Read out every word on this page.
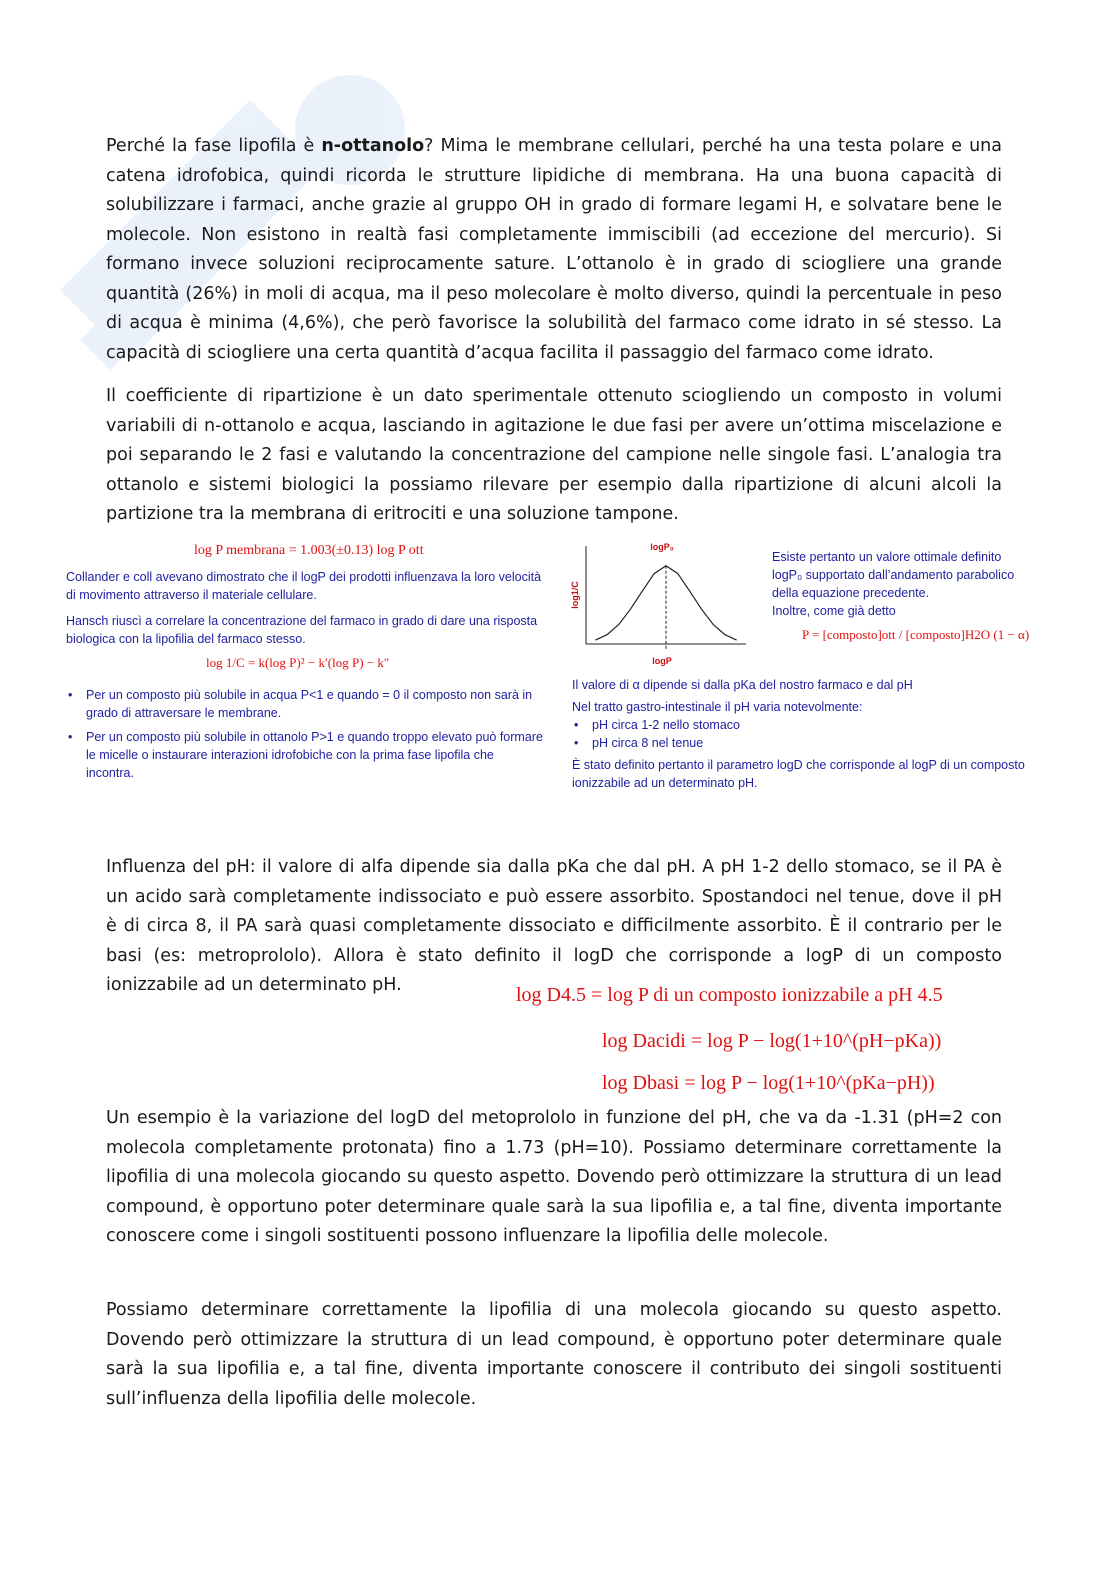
Perché la fase lipofila è n-ottanolo? Mima le membrane cellulari, perché ha una testa polare e una catena idrofobica, quindi ricorda le strutture lipidiche di membrana. Ha una buona capacità di solubilizzare i farmaci, anche grazie al gruppo OH in grado di formare legami H, e solvatare bene le molecole. Non esistono in realtà fasi completamente immiscibili (ad eccezione del mercurio). Si formano invece soluzioni reciprocamente sature. L’ottanolo è in grado di sciogliere una grande quantità (26%) in moli di acqua, ma il peso molecolare è molto diverso, quindi la percentuale in peso di acqua è minima (4,6%), che però favorisce la solubilità del farmaco come idrato in sé stesso. La capacità di sciogliere una certa quantità d’acqua facilita il passaggio del farmaco come idrato.

Il coefficiente di ripartizione è un dato sperimentale ottenuto sciogliendo un composto in volumi variabili di n-ottanolo e acqua, lasciando in agitazione le due fasi per avere un’ottima miscelazione e poi separando le 2 fasi e valutando la concentrazione del campione nelle singole fasi. L’analogia tra ottanolo e sistemi biologici la possiamo rilevare per esempio dalla ripartizione di alcuni alcoli la partizione tra la membrana di eritrociti e una soluzione tampone.

log P membrana = 1.003(±0.13) log P ott

Collander e coll avevano dimostrato che il logP dei prodotti influenzava la loro velocità di movimento attraverso il materiale cellulare.

Hansch riuscì a correlare la concentrazione del farmaco in grado di dare una risposta biologica con la lipofilia del farmaco stesso.

log 1/C = k(log P)² − k′(log P) − k″

• Per un composto più solubile in acqua P<1 e quando = 0 il composto non sarà in grado di attraversare le membrane.
• Per un composto più solubile in ottanolo P>1 e quando troppo elevato può formare le micelle o instaurare interazioni idrofobiche con la prima fase lipofila che incontra.
logP₀
logP
log1/C

Esiste pertanto un valore ottimale definito logP₀ supportato dall’andamento parabolico della equazione precedente.

Inoltre, come già detto

P = [composto]ott / [composto]H2O (1 − α)

Il valore di α dipende si dalla pKa del nostro farmaco e dal pH

Nel tratto gastro-intestinale il pH varia notevolmente:

• pH circa 1-2 nello stomaco
• pH circa 8 nel tenue

È stato definito pertanto il parametro logD che corrisponde al logP di un composto ionizzabile ad un determinato pH.

Influenza del pH: il valore di alfa dipende sia dalla pKa che dal pH. A pH 1-2 dello stomaco, se il PA è un acido sarà completamente indissociato e può essere assorbito. Spostandoci nel tenue, dove il pH è di circa 8, il PA sarà quasi completamente dissociato e difficilmente assorbito. È il contrario per le basi (es: metroprololo). Allora è stato definito il logD che corrisponde a logP di un composto ionizzabile ad un determinato pH.	log D4.5 = log P di un composto ionizzabile a pH 4.5
log Dacidi = log P − log(1+10^(pH−pKa))
log Dbasi = log P − log(1+10^(pKa−pH))

Un esempio è la variazione del logD del metoprololo in funzione del pH, che va da -1.31 (pH=2 con molecola completamente protonata) fino a 1.73 (pH=10). Possiamo determinare correttamente la lipofilia di una molecola giocando su questo aspetto. Dovendo però ottimizzare la struttura di un lead compound, è opportuno poter determinare quale sarà la sua lipofilia e, a tal fine, diventa importante conoscere come i singoli sostituenti possono influenzare la lipofilia delle molecole.

Possiamo determinare correttamente la lipofilia di una molecola giocando su questo aspetto. Dovendo però ottimizzare la struttura di un lead compound, è opportuno poter determinare quale sarà la sua lipofilia e, a tal fine, diventa importante conoscere il contributo dei singoli sostituenti sull’influenza della lipofilia delle molecole.
